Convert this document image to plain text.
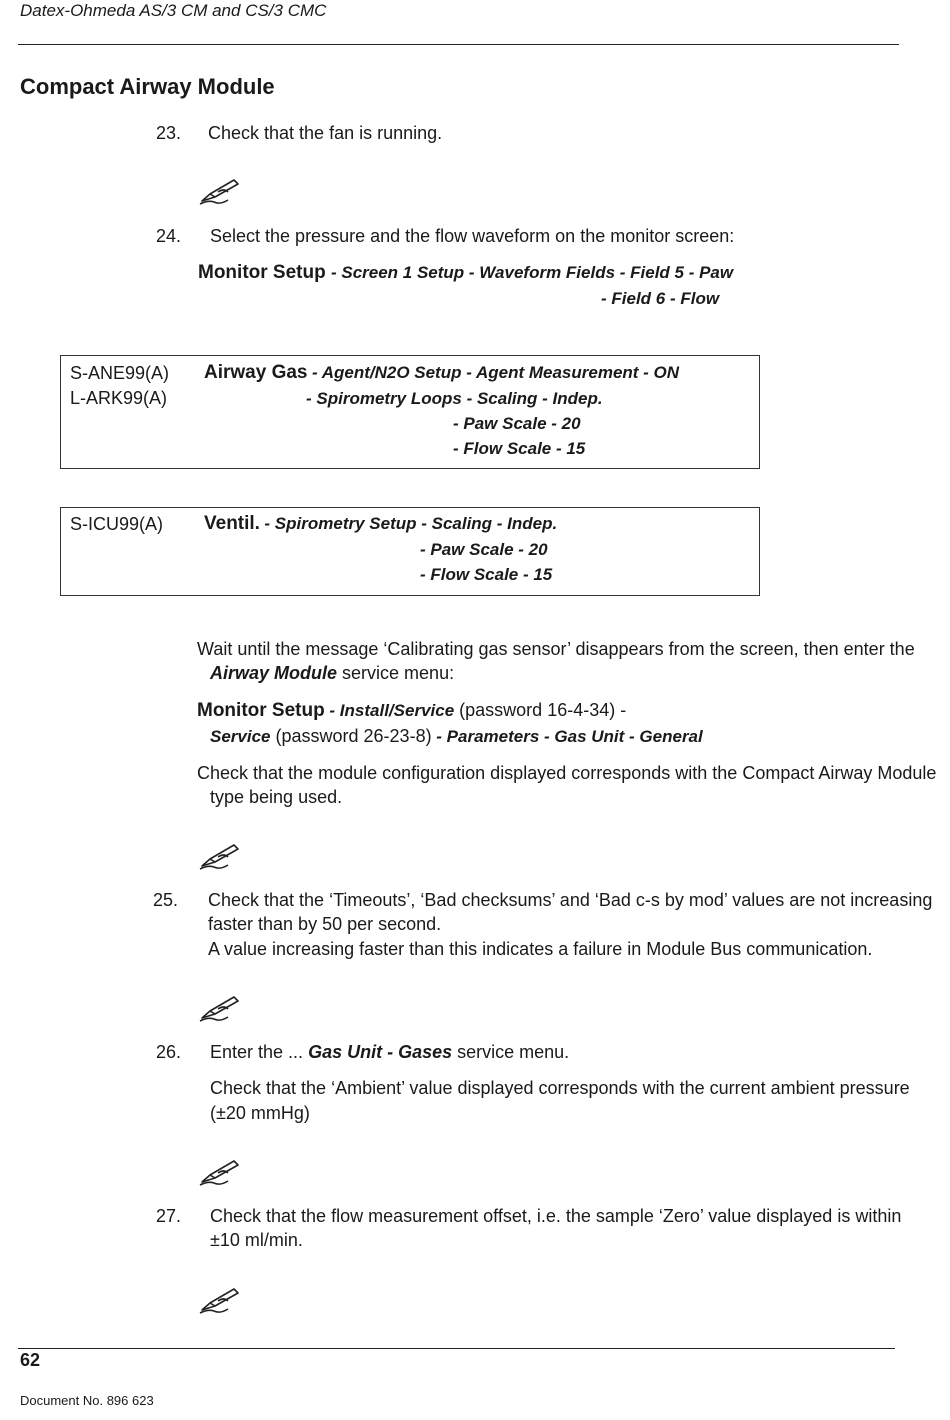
Datex-Ohmeda AS/3 CM and CS/3 CMC
Compact Airway Module
23. Check that the fan is running.
24. Select the pressure and the flow waveform on the monitor screen:
Monitor Setup - Screen 1 Setup - Waveform Fields - Field 5 - Paw
- Field 6 - Flow
S-ANE99(A)
L-ARK99(A)
Airway Gas - Agent/N2O Setup - Agent Measurement - ON
- Spirometry Loops - Scaling - Indep.
- Paw Scale - 20
- Flow Scale - 15
S-ICU99(A) Ventil. - Spirometry Setup - Scaling - Indep.
- Paw Scale - 20
- Flow Scale - 15
Wait until the message ‘Calibrating gas sensor’ disappears from the screen, then enter the
Airway Module service menu:
Monitor Setup - Install/Service (password 16-4-34) -
Service (password 26-23-8) - Parameters - Gas Unit - General
Check that the module configuration displayed corresponds with the Compact Airway Module
type being used.
25. Check that the ‘Timeouts’, ‘Bad checksums’ and ‘Bad c-s by mod’ values are not increasing
faster than by 50 per second.
A value increasing faster than this indicates a failure in Module Bus communication.
26. Enter the ... Gas Unit - Gases service menu.
Check that the ‘Ambient’ value displayed corresponds with the current ambient pressure
(±20 mmHg)
27. Check that the flow measurement offset, i.e. the sample ‘Zero’ value displayed is within
±10 ml/min.
62
Document No. 896 623
